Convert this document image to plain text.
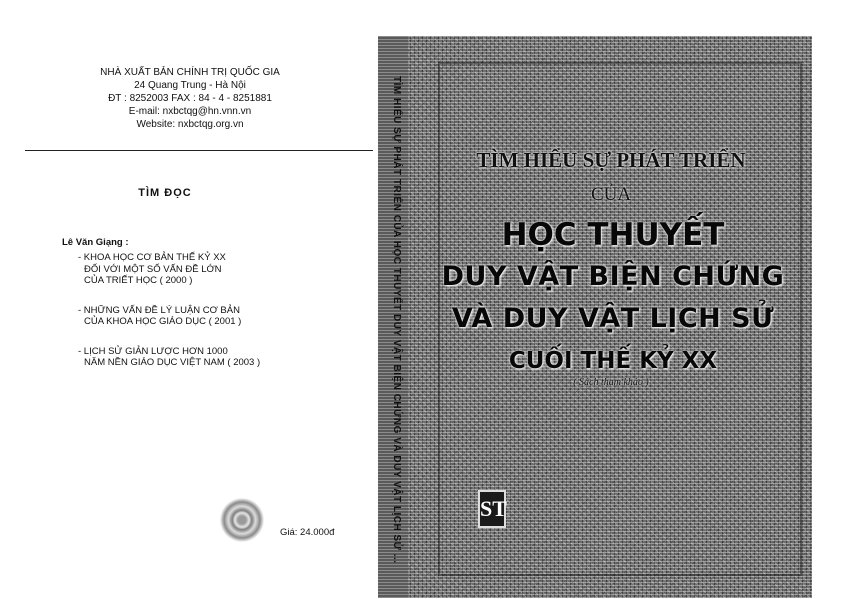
NHÀ XUẤT BẢN CHÍNH TRỊ QUỐC GIA
24 Quang Trung - Hà Nội
ĐT : 8252003 FAX : 84 - 4 - 8251881
E-mail: nxbctqg@hn.vnn.vn
Website: nxbctqg.org.vn
TÌM ĐỌC
Lê Văn Giạng :
- KHOA HỌC CƠ BẢN THẾ KỶ XX
ĐỐI VỚI MỘT SỐ VẤN ĐỀ LỚN
CỦA TRIẾT HỌC ( 2000 )
- NHỮNG VẤN ĐỀ LÝ LUẬN CƠ BẢN
CỦA KHOA HỌC GIÁO DỤC ( 2001 )
- LỊCH SỬ GIẢN LƯỢC HƠN 1000
NĂM NỀN GIÁO DỤC VIỆT NAM ( 2003 )
Giá: 24.000đ	TÌM HIỂU SỰ PHÁT TRIỂN CỦA HỌC THUYẾT DUY VẬT BIỆN CHỨNG VÀ DUY VẬT LỊCH SỬ ...	TÌM HIỂU SỰ PHÁT TRIỂN
CỦA
HỌC THUYẾT
DUY VẬT BIỆN CHỨNG
VÀ DUY VẬT LỊCH SỬ
CUỐI THẾ KỶ XX
( Sách tham khảo )
ST
